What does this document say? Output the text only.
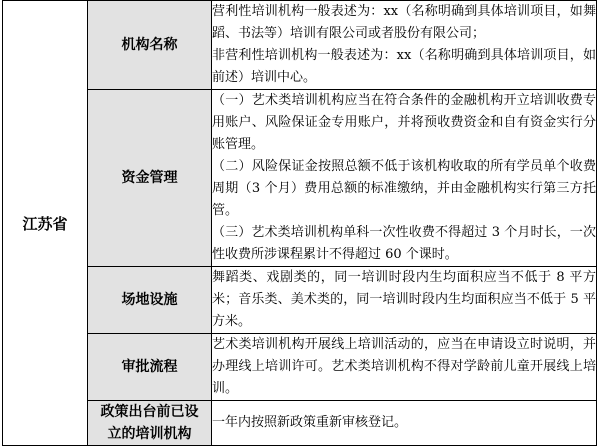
江苏省	机构名称	营利性培训机构一般表述为：xx（名称明确到具体培训项目，如舞蹈、书法等）培训有限公司或者股份有限公司；

非营利性培训机构一般表述为：xx（名称明确到具体培训项目，如前述）培训中心。

	资金管理	（一）艺术类培训机构应当在符合条件的金融机构开立培训收费专用账户、风险保证金专用账户，并将预收费资金和自有资金实行分账管理。

（二）风险保证金按照总额不低于该机构收取的所有学员单个收费周期（3 个月）费用总额的标准缴纳，并由金融机构实行第三方托管。

（三）艺术类培训机构单科一次性收费不得超过 3 个月时长，一次性收费所涉课程累计不得超过 60 个课时。

	场地设施	舞蹈类、戏剧类的，同一培训时段内生均面积应当不低于 8 平方米；音乐类、美术类的，同一培训时段内生均面积应当不低于 5 平方米。

	审批流程	艺术类培训机构开展线上培训活动的，应当在申请设立时说明，并办理线上培训许可。艺术类培训机构不得对学龄前儿童开展线上培训。

	政策出台前已设
立的培训机构	一年内按照新政策重新审核登记。
